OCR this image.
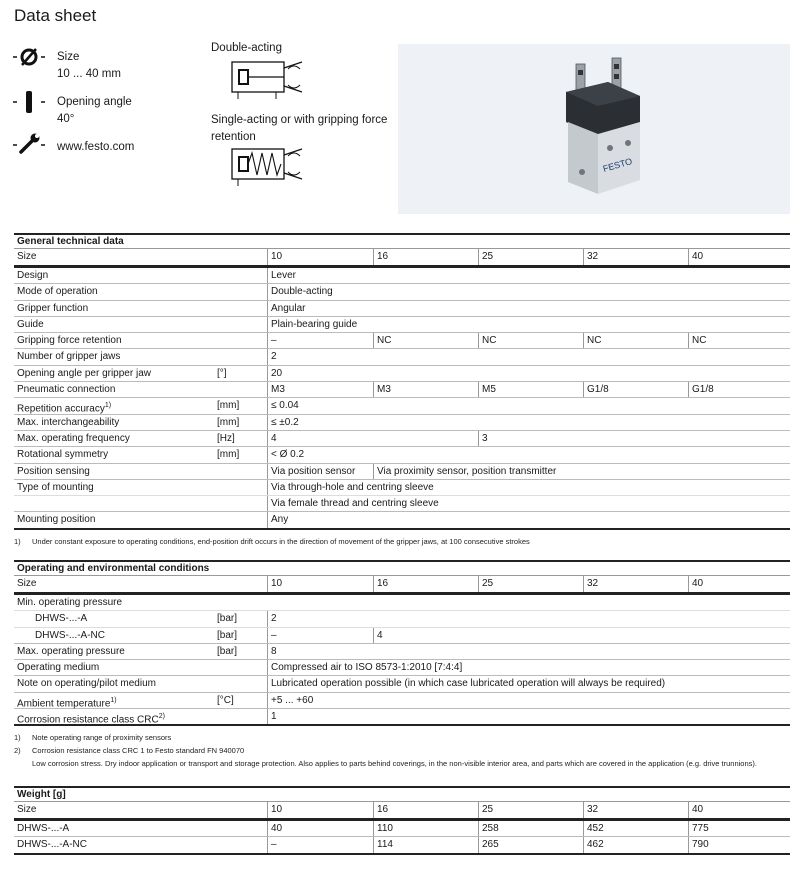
Data sheet
Size
10 ... 40 mm
Opening angle
40°
www.festo.com
Double-acting
Single-acting or with gripping force
retention
FESTO
General technical data
Size	10	16	25	32	40
Design	Lever
Mode of operation	Double-acting
Gripper function	Angular
Guide	Plain-bearing guide
Gripping force retention	–	NC	NC	NC	NC
Number of gripper jaws	2
Opening angle per gripper jaw	[°]	20
Pneumatic connection	M3	M3	M5	G1/8	G1/8
Repetition accuracy$^{1)}$	[mm]	≤ 0.04
Max. interchangeability	[mm]	≤ ±0.2
Max. operating frequency	[Hz]	4	3
Rotational symmetry	[mm]	< Ø 0.2
Position sensing	Via position sensor	Via proximity sensor, position transmitter
Type of mounting	Via through-hole and centring sleeve
Via female thread and centring sleeve
Mounting position	Any
1) Under constant exposure to operating conditions, end-position drift occurs in the direction of movement of the gripper jaws, at 100 consecutive strokes
Operating and environmental conditions
Size	10	16	25	32	40
Min. operating pressure
DHWS-...-A	[bar]	2
DHWS-...-A-NC	[bar]	–	4
Max. operating pressure	[bar]	8
Operating medium	Compressed air to ISO 8573-1:2010 [7:4:4]
Note on operating/pilot medium	Lubricated operation possible (in which case lubricated operation will always be required)
Ambient temperature$^{1)}$	[°C]	+5 ... +60
Corrosion resistance class CRC$^{2)}$	1
1) Note operating range of proximity sensors
2) Corrosion resistance class CRC 1 to Festo standard FN 940070
Low corrosion stress. Dry indoor application or transport and storage protection. Also applies to parts behind coverings, in the non-visible interior area, and parts which are covered in the application (e.g. drive trunnions).
Weight [g]
Size	10	16	25	32	40
DHWS-...-A	40	110	258	452	775
DHWS-...-A-NC	–	114	265	462	790
